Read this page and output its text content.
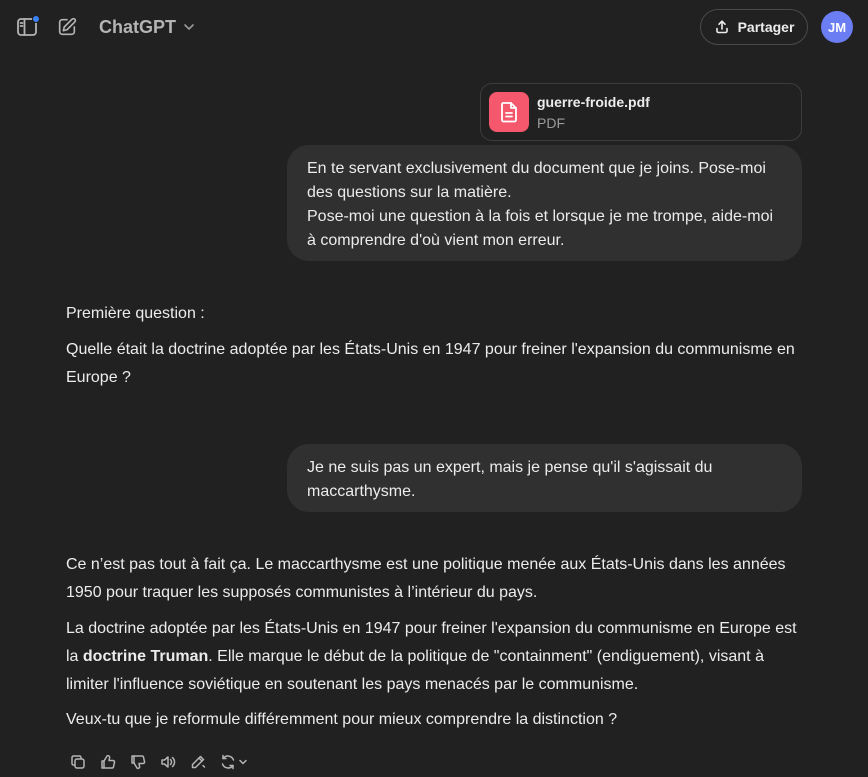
ChatGPT	Partager	JM
guerre-froide.pdf
PDF

En te servant exclusivement du document que je joins. Pose-moi des questions sur la matière.

Pose-moi une question à la fois et lorsque je me trompe, aide-moi à comprendre d'où vient mon erreur.

Première question :

Quelle était la doctrine adoptée par les États-Unis en 1947 pour freiner l'expansion du communisme en Europe ?

Je ne suis pas un expert, mais je pense qu'il s'agissait du maccarthysme.

Ce n’est pas tout à fait ça. Le maccarthysme est une politique menée aux États-Unis dans les années 1950 pour traquer les supposés communistes à l’intérieur du pays.

La doctrine adoptée par les États-Unis en 1947 pour freiner l'expansion du communisme en Europe est la doctrine Truman. Elle marque le début de la politique de "containment" (endiguement), visant à limiter l'influence soviétique en soutenant les pays menacés par le communisme.

Veux-tu que je reformule différemment pour mieux comprendre la distinction ?
